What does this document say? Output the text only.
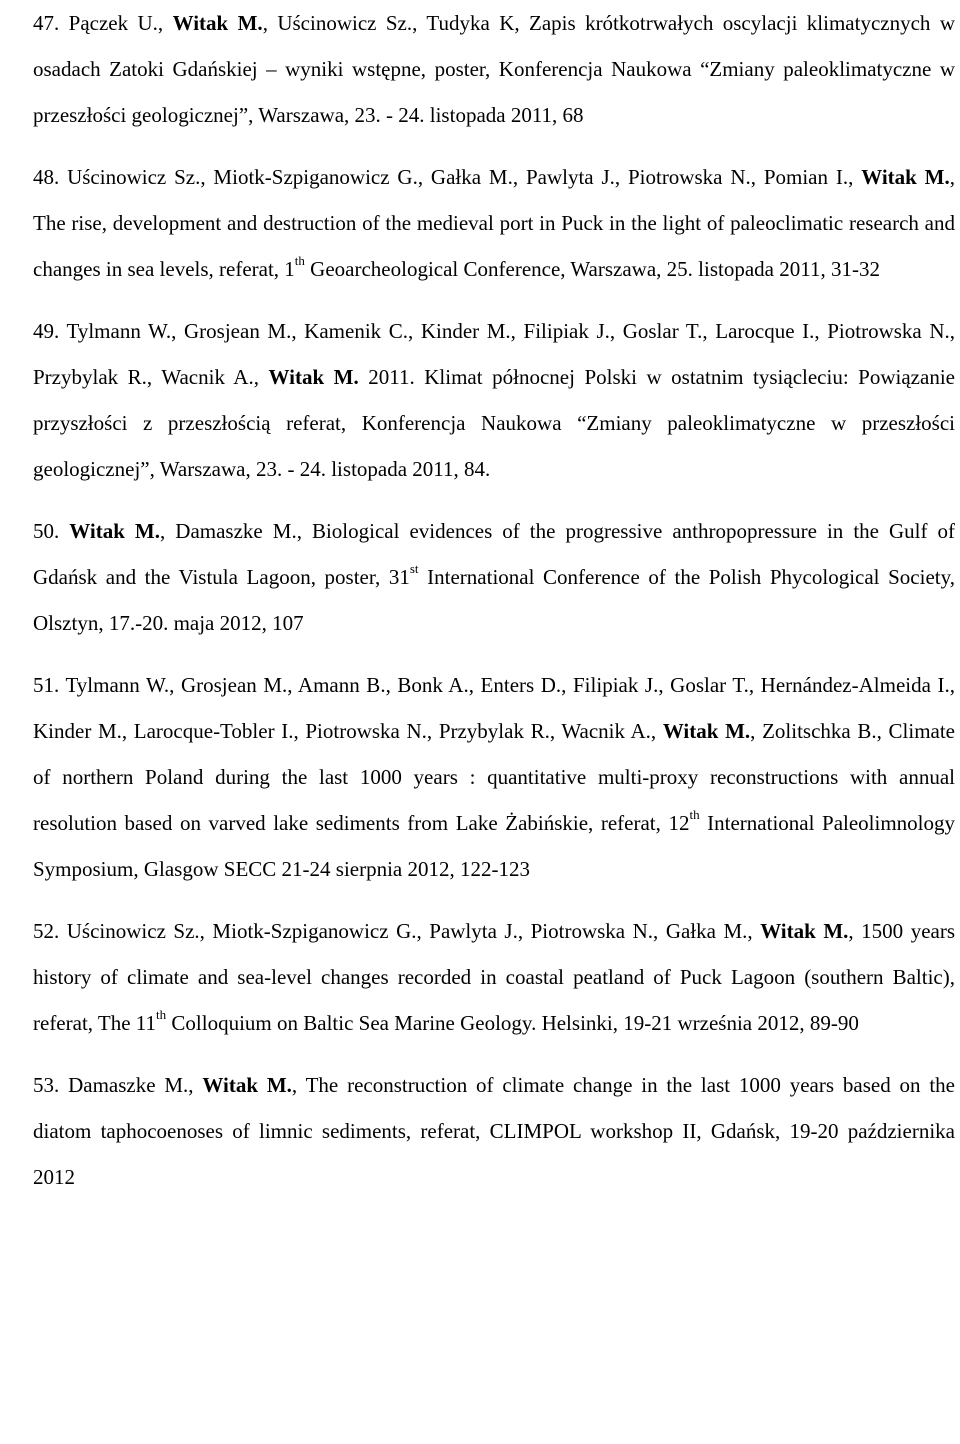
47. Pączek U., Witak M., Uścinowicz Sz., Tudyka K, Zapis krótkotrwałych oscylacji klimatycznych w osadach Zatoki Gdańskiej – wyniki wstępne, poster, Konferencja Naukowa “Zmiany paleoklimatyczne w przeszłości geologicznej”, Warszawa, 23. - 24. listopada 2011, 68

48. Uścinowicz Sz., Miotk-Szpiganowicz G., Gałka M., Pawlyta J., Piotrowska N., Pomian I., Witak M., The rise, development and destruction of the medieval port in Puck in the light of paleoclimatic research and changes in sea levels, referat, 1th Geoarcheological Conference, Warszawa, 25. listopada 2011, 31-32

49. Tylmann W., Grosjean M., Kamenik C., Kinder M., Filipiak J., Goslar T., Larocque I., Piotrowska N., Przybylak R., Wacnik A., Witak M. 2011. Klimat północnej Polski w ostatnim tysiącleciu: Powiązanie przyszłości z przeszłością referat, Konferencja Naukowa “Zmiany paleoklimatyczne w przeszłości geologicznej”, Warszawa, 23. - 24. listopada 2011, 84.

50. Witak M., Damaszke M., Biological evidences of the progressive anthropopressure in the Gulf of Gdańsk and the Vistula Lagoon, poster, 31st International Conference of the Polish Phycological Society, Olsztyn, 17.-20. maja 2012, 107

51. Tylmann W., Grosjean M., Amann B., Bonk A., Enters D., Filipiak J., Goslar T., Hernández-Almeida I., Kinder M., Larocque-Tobler I., Piotrowska N., Przybylak R., Wacnik A., Witak M., Zolitschka B., Climate of northern Poland during the last 1000 years : quantitative multi-proxy reconstructions with annual resolution based on varved lake sediments from Lake Żabińskie, referat, 12th International Paleolimnology Symposium, Glasgow SECC 21-24 sierpnia 2012, 122-123

52. Uścinowicz Sz., Miotk-Szpiganowicz G., Pawlyta J., Piotrowska N., Gałka M., Witak M., 1500 years history of climate and sea-level changes recorded in coastal peatland of Puck Lagoon (southern Baltic), referat, The 11th Colloquium on Baltic Sea Marine Geology. Helsinki, 19-21 września 2012, 89-90

53. Damaszke M., Witak M., The reconstruction of climate change in the last 1000 years based on the diatom taphocoenoses of limnic sediments, referat, CLIMPOL workshop II, Gdańsk, 19-20 października 2012
